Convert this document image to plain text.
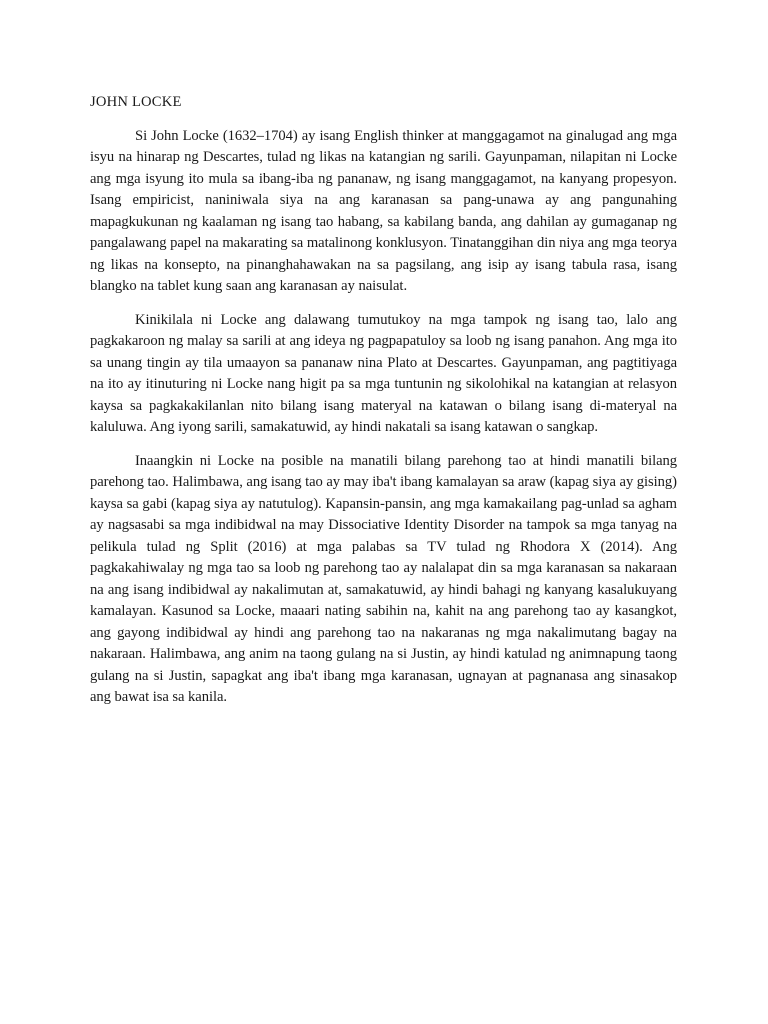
JOHN LOCKE

Si John Locke (1632–1704) ay isang English thinker at manggagamot na ginalugad ang mga isyu na hinarap ng Descartes, tulad ng likas na katangian ng sarili. Gayunpaman, nilapitan ni Locke ang mga isyung ito mula sa ibang-iba ng pananaw, ng isang manggagamot, na kanyang propesyon. Isang empiricist, naniniwala siya na ang karanasan sa pang-unawa ay ang pangunahing mapagkukunan ng kaalaman ng isang tao habang, sa kabilang banda, ang dahilan ay gumaganap ng pangalawang papel na makarating sa matalinong konklusyon. Tinatanggihan din niya ang mga teorya ng likas na konsepto, na pinanghahawakan na sa pagsilang, ang isip ay isang tabula rasa, isang blangko na tablet kung saan ang karanasan ay naisulat.

Kinikilala ni Locke ang dalawang tumutukoy na mga tampok ng isang tao, lalo ang pagkakaroon ng malay sa sarili at ang ideya ng pagpapatuloy sa loob ng isang panahon. Ang mga ito sa unang tingin ay tila umaayon sa pananaw nina Plato at Descartes. Gayunpaman, ang pagtitiyaga na ito ay itinuturing ni Locke nang higit pa sa mga tuntunin ng sikolohikal na katangian at relasyon kaysa sa pagkakakilanlan nito bilang isang materyal na katawan o bilang isang di-materyal na kaluluwa. Ang iyong sarili, samakatuwid, ay hindi nakatali sa isang katawan o sangkap.

Inaangkin ni Locke na posible na manatili bilang parehong tao at hindi manatili bilang parehong tao. Halimbawa, ang isang tao ay may iba't ibang kamalayan sa araw (kapag siya ay gising) kaysa sa gabi (kapag siya ay natutulog). Kapansin-pansin, ang mga kamakailang pag-unlad sa agham ay nagsasabi sa mga indibidwal na may Dissociative Identity Disorder na tampok sa mga tanyag na pelikula tulad ng Split (2016) at mga palabas sa TV tulad ng Rhodora X (2014). Ang pagkakahiwalay ng mga tao sa loob ng parehong tao ay nalalapat din sa mga karanasan sa nakaraan na ang isang indibidwal ay nakalimutan at, samakatuwid, ay hindi bahagi ng kanyang kasalukuyang kamalayan. Kasunod sa Locke, maaari nating sabihin na, kahit na ang parehong tao ay kasangkot, ang gayong indibidwal ay hindi ang parehong tao na nakaranas ng mga nakalimutang bagay na nakaraan. Halimbawa, ang anim na taong gulang na si Justin, ay hindi katulad ng animnapung taong gulang na si Justin, sapagkat ang iba't ibang mga karanasan, ugnayan at pagnanasa ang sinasakop ang bawat isa sa kanila.
